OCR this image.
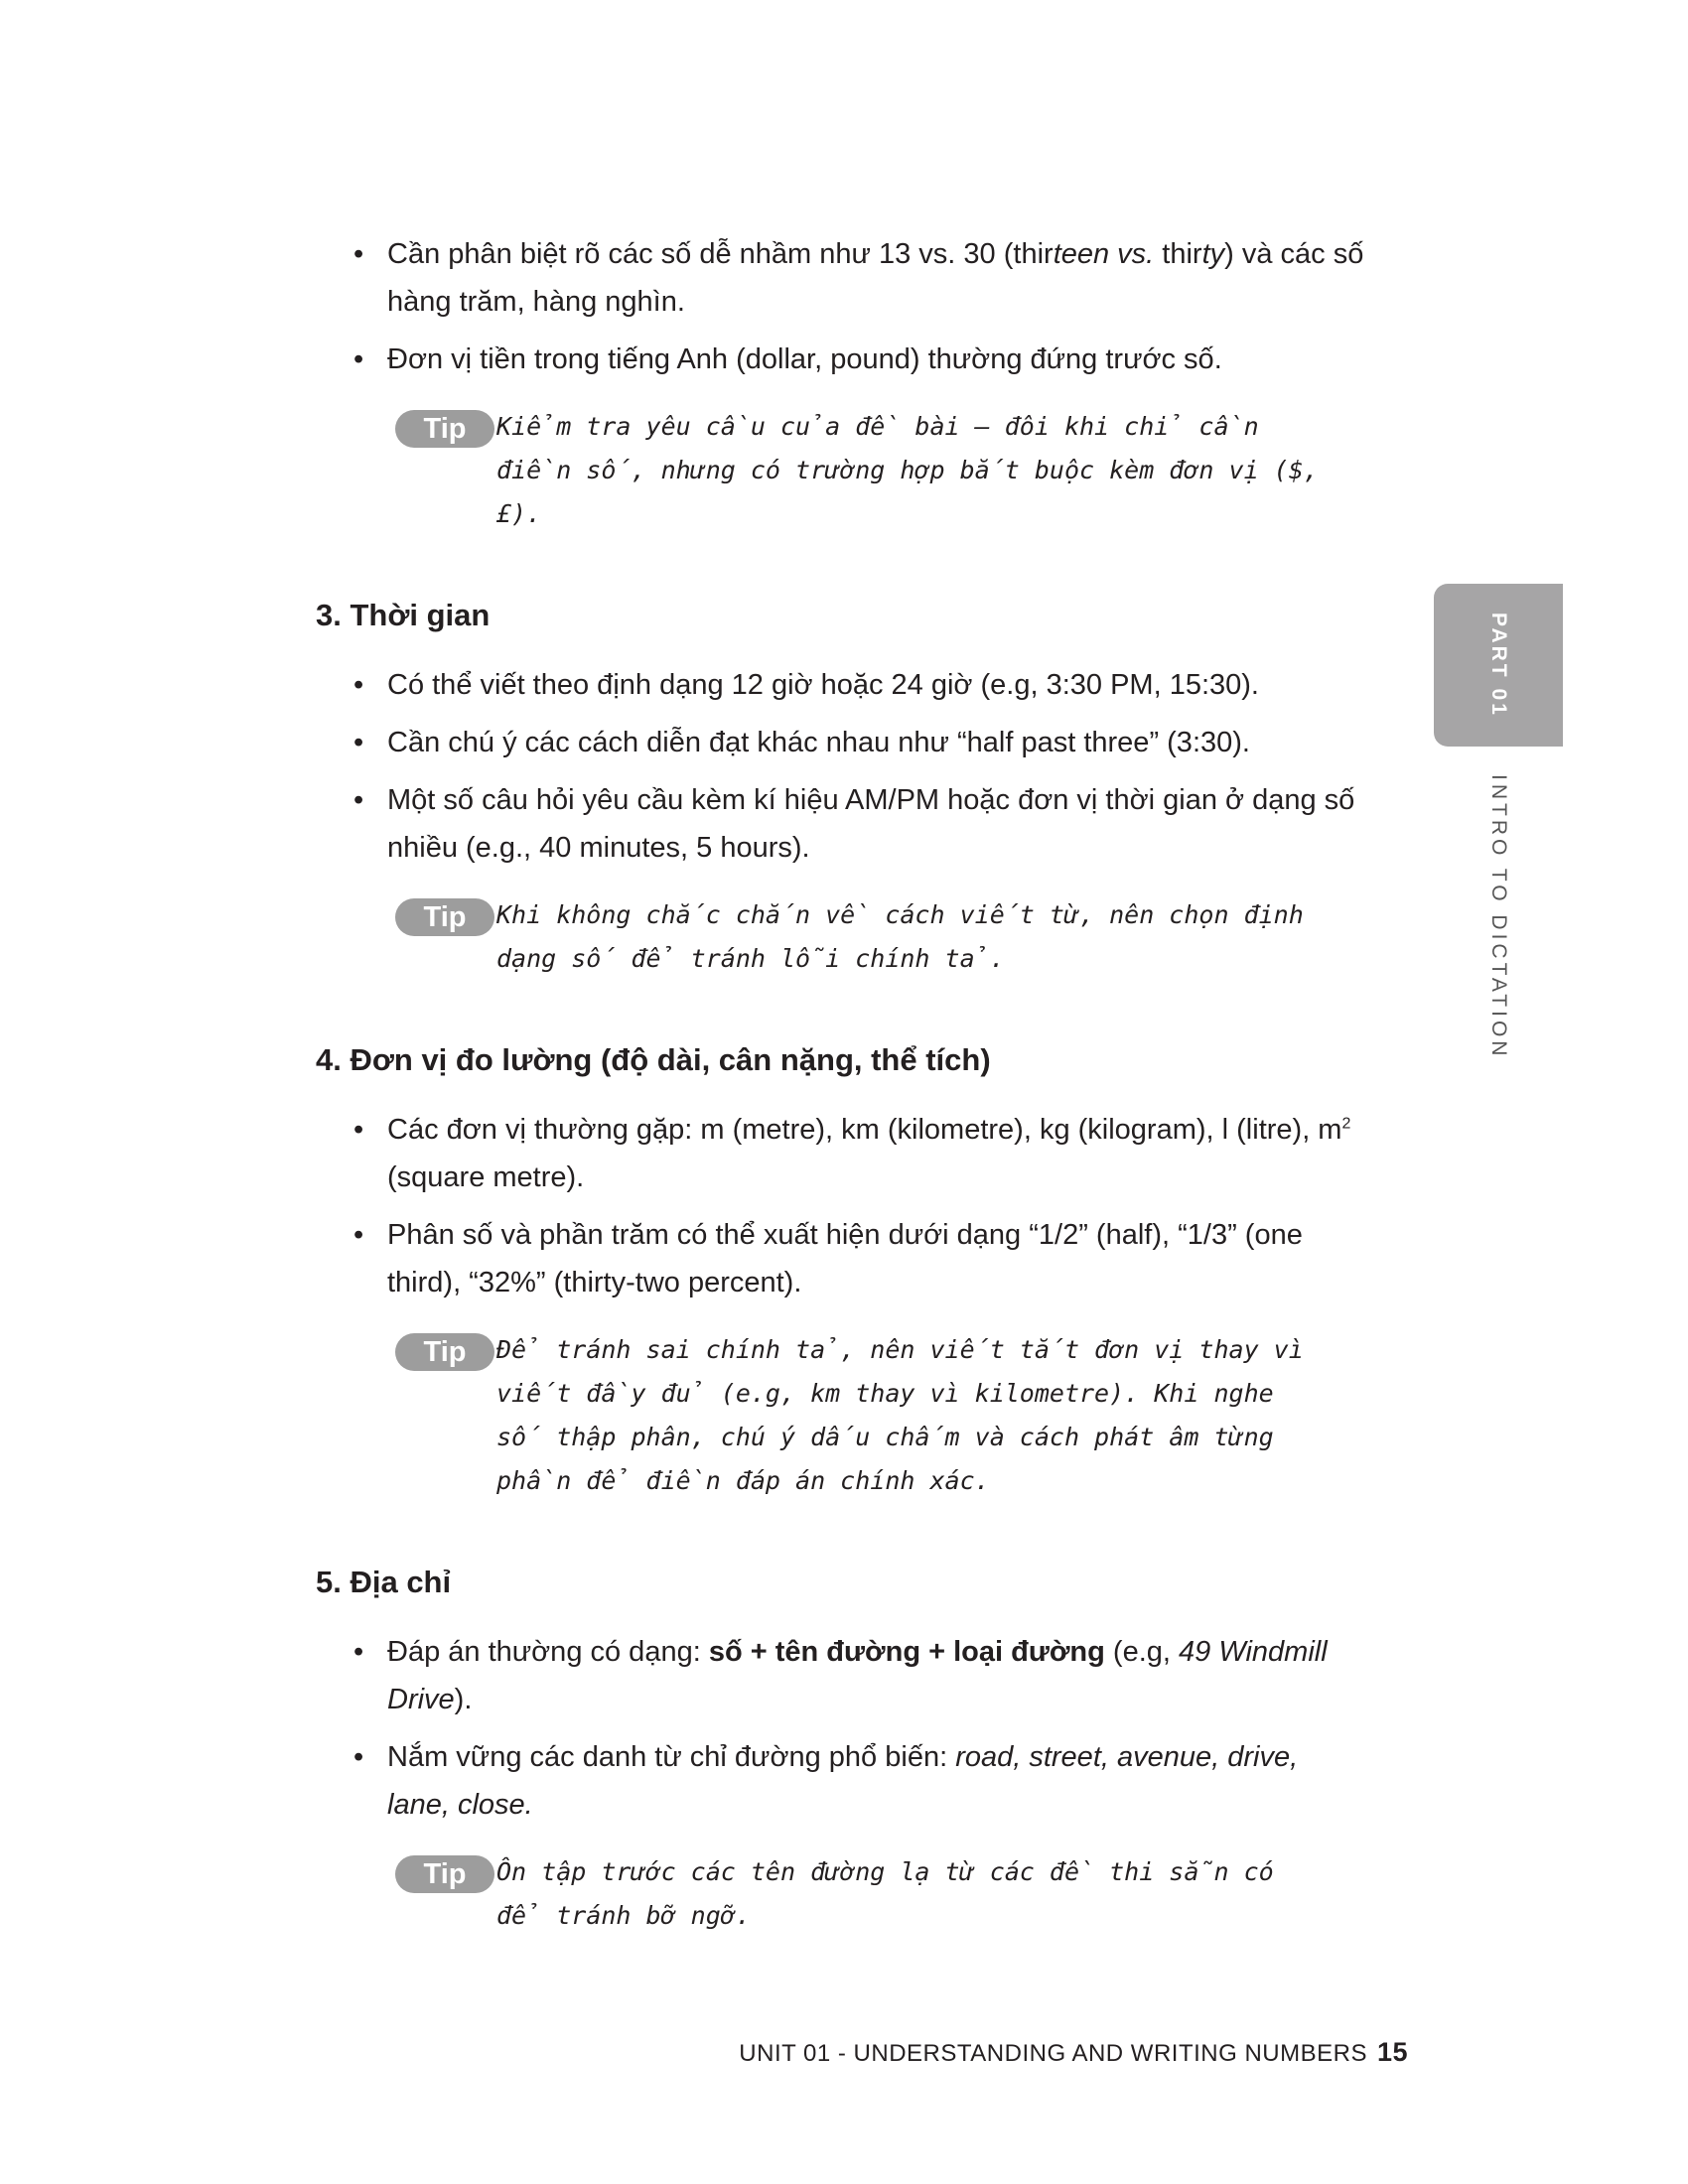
• Cần phân biệt rõ các số dễ nhầm như 13 vs. 30 (thirteen vs. thirty) và các số hàng trăm, hàng nghìn.
• Đơn vị tiền trong tiếng Anh (dollar, pound) thường đứng trước số.
Tip	Kiểm tra yêu cầu của đề bài – đôi khi chỉ cần điền số, nhưng có trường hợp bắt buộc kèm đơn vị ($, £).
3. Thời gian
• Có thể viết theo định dạng 12 giờ hoặc 24 giờ (e.g, 3:30 PM, 15:30).
• Cần chú ý các cách diễn đạt khác nhau như “half past three” (3:30).
• Một số câu hỏi yêu cầu kèm kí hiệu AM/PM hoặc đơn vị thời gian ở dạng số nhiều (e.g., 40 minutes, 5 hours).
Tip	Khi không chắc chắn về cách viết từ, nên chọn định dạng số để tránh lỗi chính tả.
4. Đơn vị đo lường (độ dài, cân nặng, thể tích)
• Các đơn vị thường gặp: m (metre), km (kilometre), kg (kilogram), l (litre), $m^2$ (square metre).
• Phân số và phần trăm có thể xuất hiện dưới dạng “1/2” (half), “1/3” (one third), “32%” (thirty-two percent).
Tip	Để tránh sai chính tả, nên viết tắt đơn vị thay vì viết đầy đủ (e.g, km thay vì kilometre). Khi nghe số thập phân, chú ý dấu chấm và cách phát âm từng phần để điền đáp án chính xác.
5. Địa chỉ
• Đáp án thường có dạng: số + tên đường + loại đường (e.g, 49 Windmill Drive).
• Nắm vững các danh từ chỉ đường phổ biến: road, street, avenue, drive, lane, close.
Tip	Ôn tập trước các tên đường lạ từ các đề thi sẵn có để tránh bỡ ngỡ.
PART 01
INTRO TO DICTATION
UNIT 01 - UNDERSTANDING AND WRITING NUMBERS 15
